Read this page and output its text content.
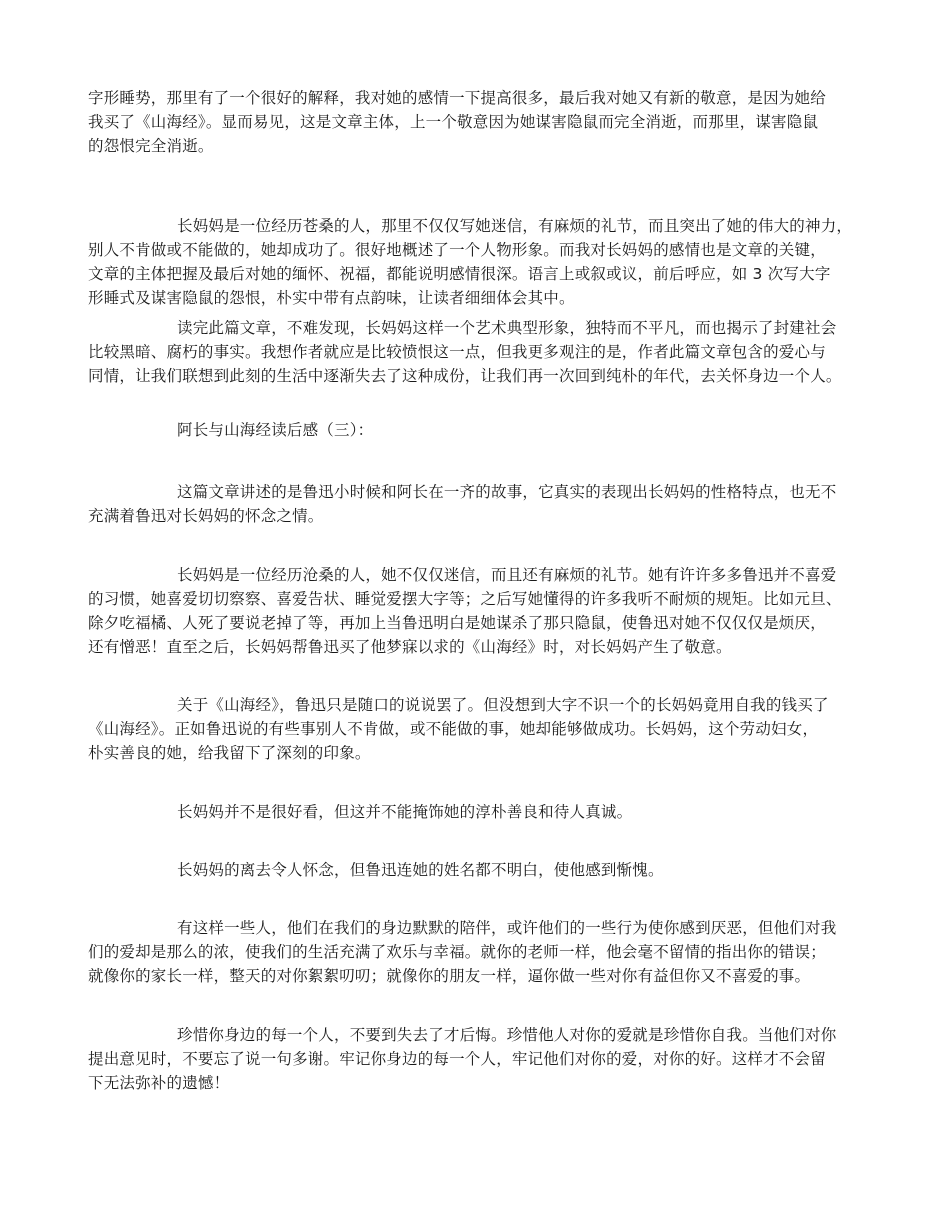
字形睡势，那里有了一个很好的解释，我对她的感情一下提高很多，最后我对她又有新的敬意，是因为她给
我买了《山海经》。显而易见，这是文章主体，上一个敬意因为她谋害隐鼠而完全消逝，而那里，谋害隐鼠
的怨恨完全消逝。
长妈妈是一位经历苍桑的人，那里不仅仅写她迷信，有麻烦的礼节，而且突出了她的伟大的神力，
别人不肯做或不能做的，她却成功了。很好地概述了一个人物形象。而我对长妈妈的感情也是文章的关键，
文章的主体把握及最后对她的缅怀、祝福，都能说明感情很深。语言上或叙或议，前后呼应，如 3 次写大字
形睡式及谋害隐鼠的怨恨，朴实中带有点韵味，让读者细细体会其中。
读完此篇文章，不难发现，长妈妈这样一个艺术典型形象，独特而不平凡，而也揭示了封建社会
比较黑暗、腐朽的事实。我想作者就应是比较愤恨这一点，但我更多观注的是，作者此篇文章包含的爱心与
同情，让我们联想到此刻的生活中逐渐失去了这种成份，让我们再一次回到纯朴的年代，去关怀身边一个人。
阿长与山海经读后感（三）：
这篇文章讲述的是鲁迅小时候和阿长在一齐的故事，它真实的表现出长妈妈的性格特点，也无不
充满着鲁迅对长妈妈的怀念之情。
长妈妈是一位经历沧桑的人，她不仅仅迷信，而且还有麻烦的礼节。她有许许多多鲁迅并不喜爱
的习惯，她喜爱切切察察、喜爱告状、睡觉爱摆大字等；之后写她懂得的许多我听不耐烦的规矩。比如元旦、
除夕吃福橘、人死了要说老掉了等，再加上当鲁迅明白是她谋杀了那只隐鼠，使鲁迅对她不仅仅仅是烦厌，
还有憎恶！直至之后，长妈妈帮鲁迅买了他梦寐以求的《山海经》时，对长妈妈产生了敬意。
关于《山海经》，鲁迅只是随口的说说罢了。但没想到大字不识一个的长妈妈竟用自我的钱买了
《山海经》。正如鲁迅说的有些事别人不肯做，或不能做的事，她却能够做成功。长妈妈，这个劳动妇女，
朴实善良的她，给我留下了深刻的印象。
长妈妈并不是很好看，但这并不能掩饰她的淳朴善良和待人真诚。
长妈妈的离去令人怀念，但鲁迅连她的姓名都不明白，使他感到惭愧。
有这样一些人，他们在我们的身边默默的陪伴，或许他们的一些行为使你感到厌恶，但他们对我
们的爱却是那么的浓，使我们的生活充满了欢乐与幸福。就你的老师一样，他会毫不留情的指出你的错误；
就像你的家长一样，整天的对你絮絮叨叨；就像你的朋友一样，逼你做一些对你有益但你又不喜爱的事。
珍惜你身边的每一个人，不要到失去了才后悔。珍惜他人对你的爱就是珍惜你自我。当他们对你
提出意见时，不要忘了说一句多谢。牢记你身边的每一个人，牢记他们对你的爱，对你的好。这样才不会留
下无法弥补的遗憾！
